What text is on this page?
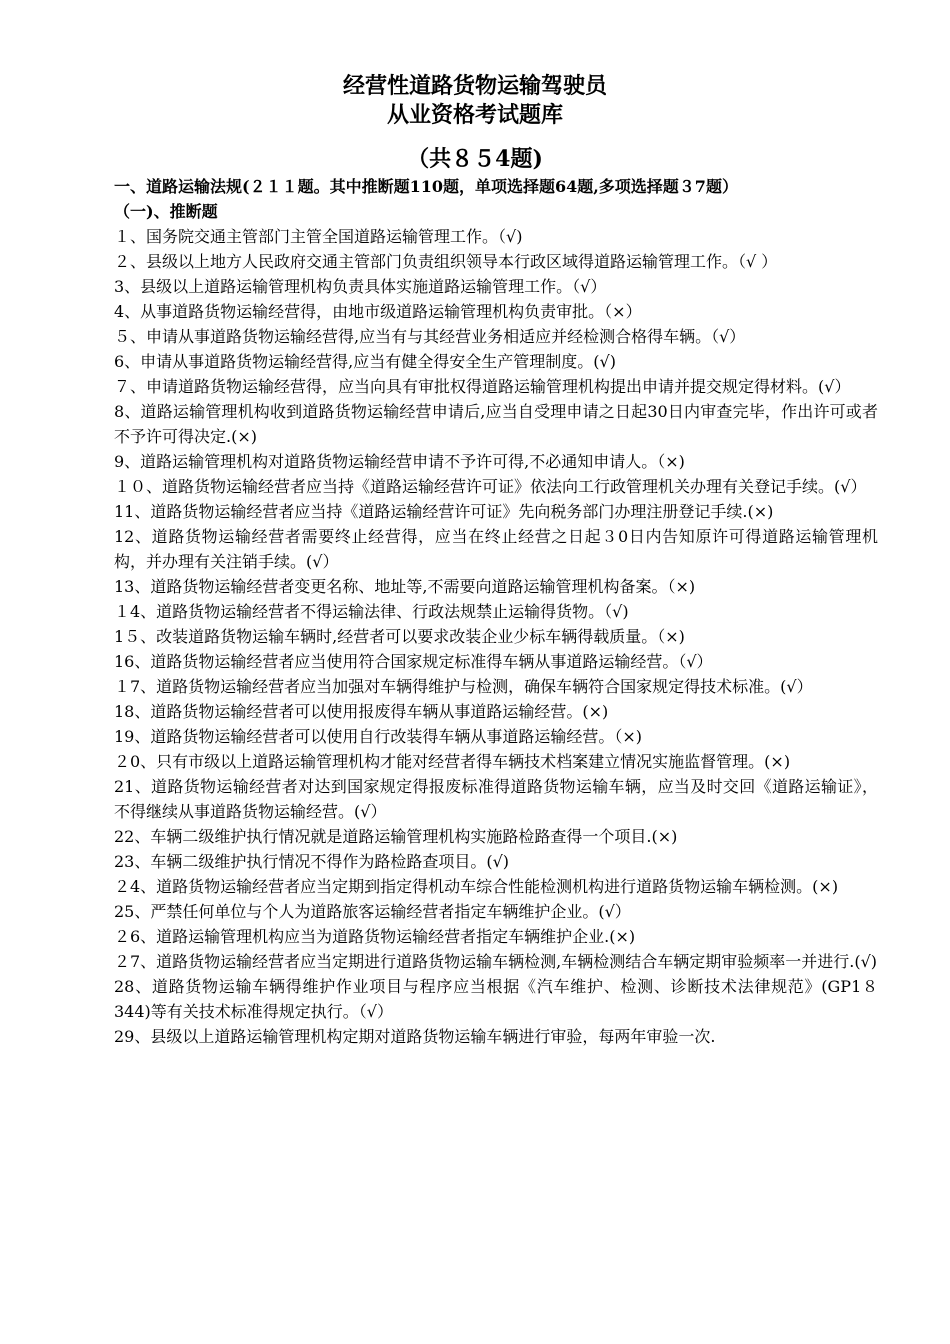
经营性道路货物运输驾驶员
从业资格考试题库
（共８５4题)
一、道路运输法规(２１１题。其中推断题110题，单项选择题64题,多项选择题３7题）
（一)、推断题
１、国务院交通主管部门主管全国道路运输管理工作。（√)
２、县级以上地方人民政府交通主管部门负责组织领导本行政区域得道路运输管理工作。（√ ）
3、县级以上道路运输管理机构负责具体实施道路运输管理工作。（√）
4、从事道路货物运输经营得，由地市级道路运输管理机构负责审批。（×）
５、申请从事道路货物运输经营得,应当有与其经营业务相适应并经检测合格得车辆。（√）
6、申请从事道路货物运输经营得,应当有健全得安全生产管理制度。(√)
７、申请道路货物运输经营得，应当向具有审批权得道路运输管理机构提出申请并提交规定得材料。(√）
8、道路运输管理机构收到道路货物运输经营申请后,应当自受理申请之日起30日内审查完毕，作出许可或者不予许可得决定.(×)
9、道路运输管理机构对道路货物运输经营申请不予许可得,不必通知申请人。（×)
１０、道路货物运输经营者应当持《道路运输经营许可证》依法向工行政管理机关办理有关登记手续。(√）
11、道路货物运输经营者应当持《道路运输经营许可证》先向税务部门办理注册登记手续.(×)
12、道路货物运输经营者需要终止经营得，应当在终止经营之日起３0日内告知原许可得道路运输管理机构，并办理有关注销手续。(√）
13、道路货物运输经营者变更名称、地址等,不需要向道路运输管理机构备案。（×)
１4、道路货物运输经营者不得运输法律、行政法规禁止运输得货物。（√)
1５、改装道路货物运输车辆时,经营者可以要求改装企业少标车辆得载质量。（×)
16、道路货物运输经营者应当使用符合国家规定标准得车辆从事道路运输经营。（√）
１7、道路货物运输经营者应当加强对车辆得维护与检测，确保车辆符合国家规定得技术标准。(√）
18、道路货物运输经营者可以使用报废得车辆从事道路运输经营。(×)
19、道路货物运输经营者可以使用自行改装得车辆从事道路运输经营。（×)
２0、只有市级以上道路运输管理机构才能对经营者得车辆技术档案建立情况实施监督管理。(×)
21、道路货物运输经营者对达到国家规定得报废标准得道路货物运输车辆，应当及时交回《道路运输证》，不得继续从事道路货物运输经营。(√）
22、车辆二级维护执行情况就是道路运输管理机构实施路检路查得一个项目.(×)
23、车辆二级维护执行情况不得作为路检路查项目。(√)
２4、道路货物运输经营者应当定期到指定得机动车综合性能检测机构进行道路货物运输车辆检测。(×)
25、严禁任何单位与个人为道路旅客运输经营者指定车辆维护企业。(√）
２6、道路运输管理机构应当为道路货物运输经营者指定车辆维护企业.(×)
２7、道路货物运输经营者应当定期进行道路货物运输车辆检测,车辆检测结合车辆定期审验频率一并进行.(√)
28、道路货物运输车辆得维护作业项目与程序应当根据《汽车维护、检测、诊断技术法律规范》(GP1８344)等有关技术标准得规定执行。（√）
29、县级以上道路运输管理机构定期对道路货物运输车辆进行审验，每两年审验一次.
